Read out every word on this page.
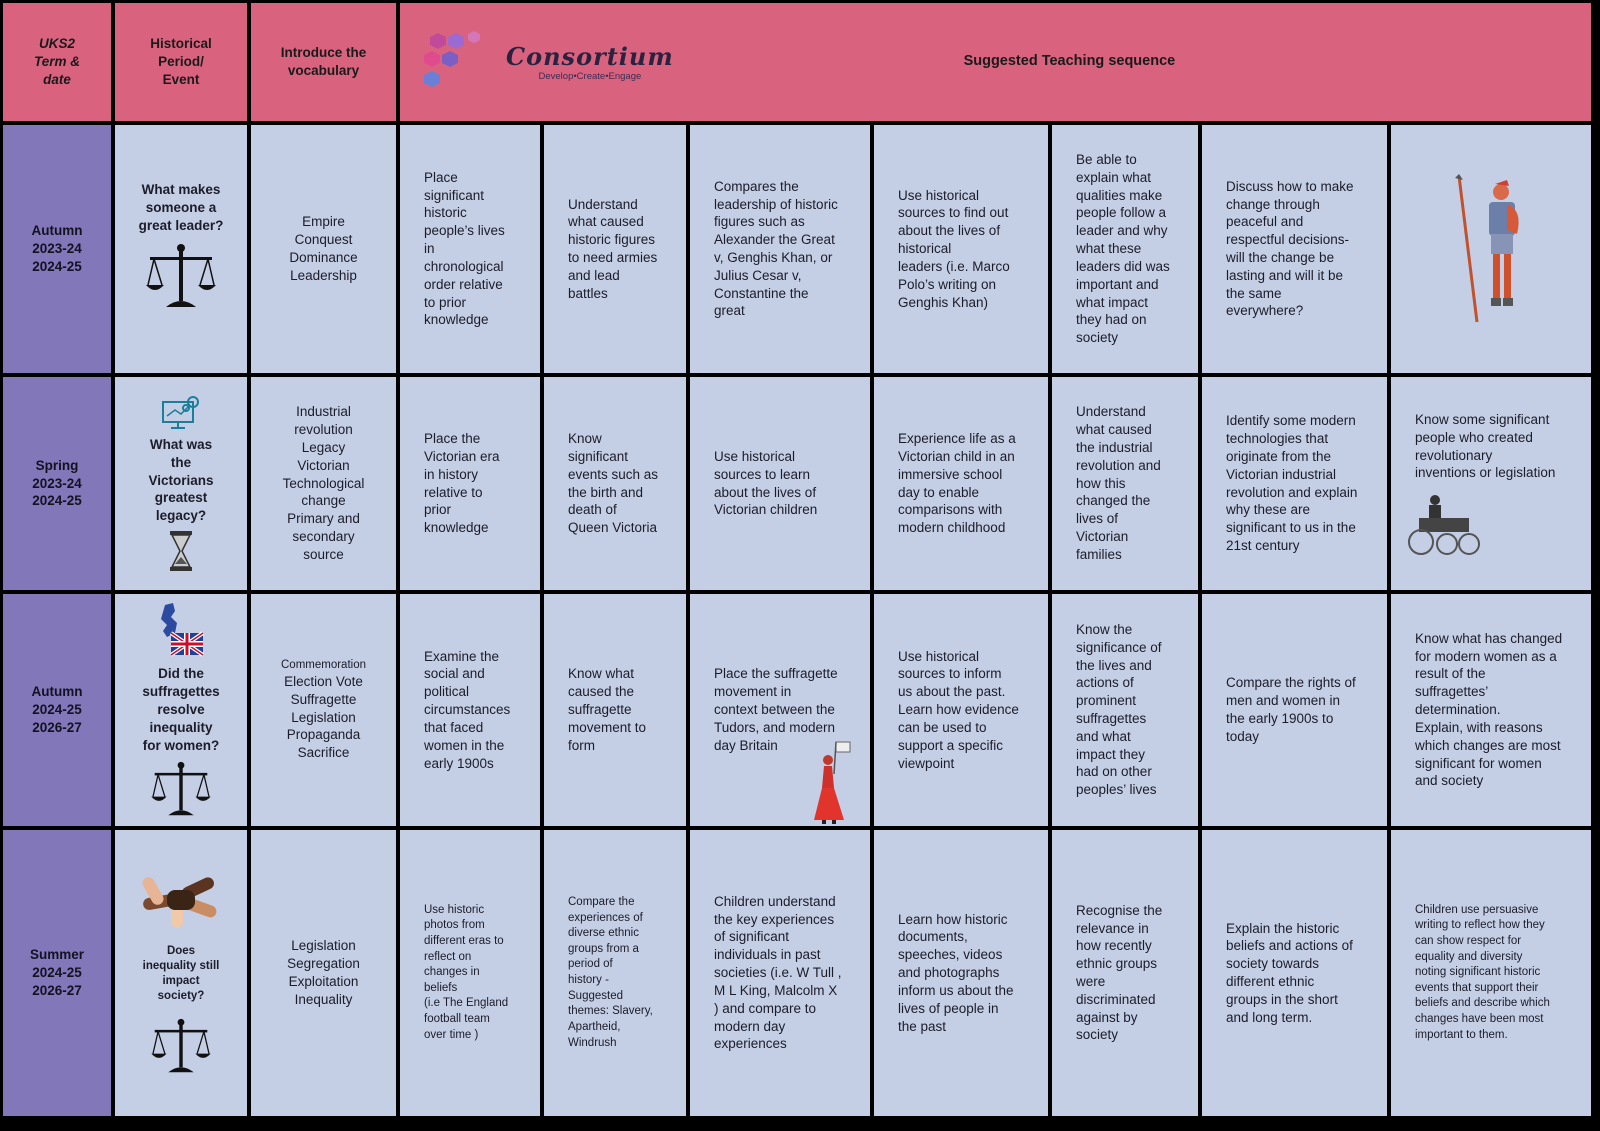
UKS2
Term &
date
Historical
Period/
Event
Introduce the
vocabulary	Consortium
Develop•Create•Engage
Suggested Teaching sequence
Autumn
2023-24
2024-25
What makes
someone a
great leader?	Empire
Conquest
Dominance
Leadership
Place
significant
historic
people’s lives
in
chronological
order relative
to prior
knowledge
Understand
what caused
historic figures
to need armies
and lead
battles
Compares the
leadership of historic
figures such as
Alexander the Great
v, Genghis Khan, or
Julius Cesar v,
Constantine the
great
Use historical
sources to find out
about the lives of
historical
leaders (i.e. Marco
Polo’s writing on
Genghis Khan)
Be able to
explain what
qualities make
people follow a
leader and why
what these
leaders did was
important and
what impact
they had on
society
Discuss how to make
change through
peaceful and
respectful decisions-
will the change be
lasting and will it be
the same
everywhere?
Spring
2023-24
2024-25
What was
the
Victorians
greatest
legacy?
Industrial
revolution
Legacy
Victorian
Technological
change
Primary and
secondary
source
Place the
Victorian era
in history
relative to
prior
knowledge
Know
significant
events such as
the birth and
death of
Queen Victoria
Use historical
sources to learn
about the lives of
Victorian children
Experience life as a
Victorian child in an
immersive school
day to enable
comparisons with
modern childhood
Understand
what caused
the industrial
revolution and
how this
changed the
lives of
Victorian
families
Identify some modern
technologies that
originate from the
Victorian industrial
revolution and explain
why these are
significant to us in the
21st century
Know some significant
people who created
revolutionary
inventions or legislation
Autumn
2024-25
2026-27
Did the
suffragettes
resolve
inequality
for women?
Commemoration
Election Vote
Suffragette
Legislation
Propaganda
Sacrifice
Examine the
social and
political
circumstances
that faced
women in the
early 1900s
Know what
caused the
suffragette
movement to
form
Place the suffragette
movement in
context between the
Tudors, and modern
day Britain
Use historical
sources to inform
us about the past.
Learn how evidence
can be used to
support a specific
viewpoint
Know the
significance of
the lives and
actions of
prominent
suffragettes
and what
impact they
had on other
peoples’ lives
Compare the rights of
men and women in
the early 1900s to
today
Know what has changed
for modern women as a
result of the
suffragettes’
determination.
Explain, with reasons
which changes are most
significant for women
and society
Summer
2024-25
2026-27
Does
inequality still
impact
society?
Legislation
Segregation
Exploitation
Inequality
Use historic
photos from
different eras to
reflect on
changes in
beliefs
(i.e The England
football team
over time )
Compare the
experiences of
diverse ethnic
groups from a
period of
history -
Suggested
themes: Slavery,
Apartheid,
Windrush
Children understand
the key experiences
of significant
individuals in past
societies (i.e. W Tull ,
M L King, Malcolm X
) and compare to
modern day
experiences
Learn how historic
documents,
speeches, videos
and photographs
inform us about the
lives of people in
the past
Recognise the
relevance in
how recently
ethnic groups
were
discriminated
against by
society
Explain the historic
beliefs and actions of
society towards
different ethnic
groups in the short
and long term.
Children use persuasive
writing to reflect how they
can show respect for
equality and diversity
noting significant historic
events that support their
beliefs and describe which
changes have been most
important to them.
